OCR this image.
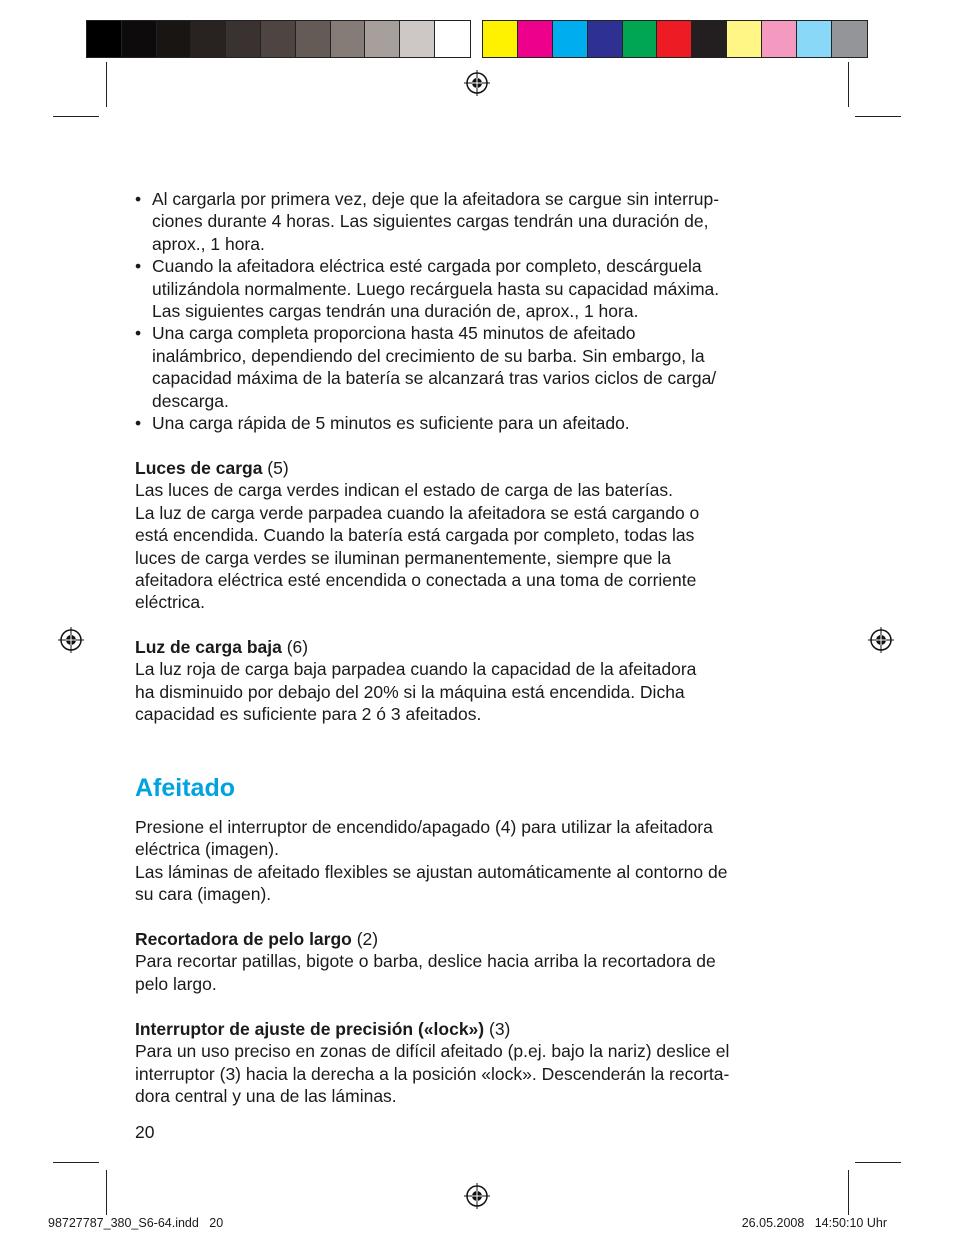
• Al cargarla por primera vez, deje que la afeitadora se cargue sin interrup-
ciones durante 4 horas. Las siguientes cargas tendrán una duración de,
aprox., 1 hora.
• Cuando la afeitadora eléctrica esté cargada por completo, descárguela
utilizándola normalmente. Luego recárguela hasta su capacidad máxima.
Las siguientes cargas tendrán una duración de, aprox., 1 hora.
• Una carga completa proporciona hasta 45 minutos de afeitado
inalámbrico, dependiendo del crecimiento de su barba. Sin embargo, la
capacidad máxima de la batería se alcanzará tras varios ciclos de carga/
descarga.
• Una carga rápida de 5 minutos es suficiente para un afeitado.
Luces de carga (5)
Las luces de carga verdes indican el estado de carga de las baterías.
La luz de carga verde parpadea cuando la afeitadora se está cargando o
está encendida. Cuando la batería está cargada por completo, todas las
luces de carga verdes se iluminan permanentemente, siempre que la
afeitadora eléctrica esté encendida o conectada a una toma de corriente
eléctrica.
Luz de carga baja (6)
La luz roja de carga baja parpadea cuando la capacidad de la afeitadora
ha disminuido por debajo del 20% si la máquina está encendida. Dicha
capacidad es suficiente para 2 ó 3 afeitados.
Afeitado
Presione el interruptor de encendido/apagado (4) para utilizar la afeitadora
eléctrica (imagen).
Las láminas de afeitado flexibles se ajustan automáticamente al contorno de
su cara (imagen).
Recortadora de pelo largo (2)
Para recortar patillas, bigote o barba, deslice hacia arriba la recortadora de
pelo largo.
Interruptor de ajuste de precisión («lock») (3)
Para un uso preciso en zonas de difícil afeitado (p.ej. bajo la nariz) deslice el
interruptor (3) hacia la derecha a la posición «lock». Descenderán la recorta-
dora central y una de las láminas.
20
98727787_380_S6-64.indd   20	26.05.2008   14:50:10 Uhr
